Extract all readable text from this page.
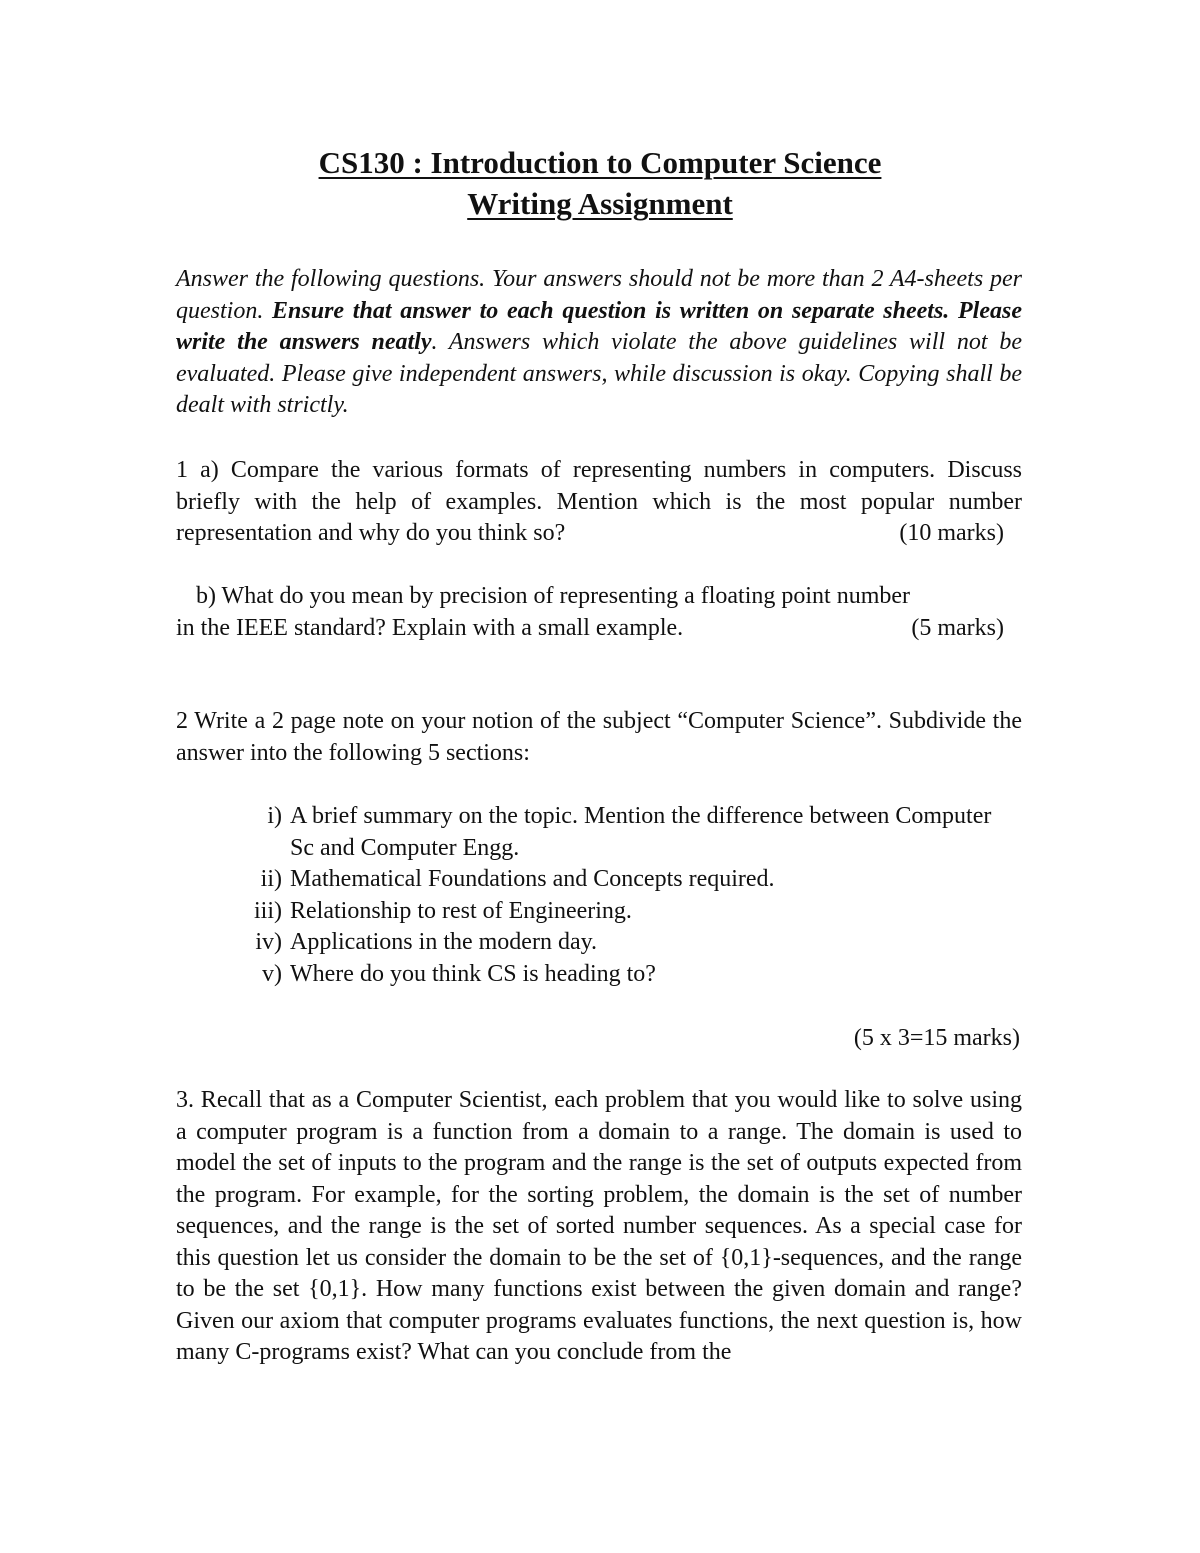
CS130 : Introduction to Computer Science
Writing Assignment

Answer the following questions. Your answers should not be more than 2 A4-sheets per question. Ensure that answer to each question is written on separate sheets. Please write the answers neatly. Answers which violate the above guidelines will not be evaluated. Please give independent answers, while discussion is okay. Copying shall be dealt with strictly.

1 a) Compare the various formats of representing numbers in computers. Discuss briefly with the help of examples. Mention which is the most popular number representation and why do you think so?	(10 marks)

b) What do you mean by precision of representing a floating point number
in the IEEE standard? Explain with a small example.	(5 marks)

2 Write a 2 page note on your notion of the subject “Computer Science”. Subdivide the answer into the following 5 sections:

i) A brief summary on the topic. Mention the difference between Computer Sc and Computer Engg.
ii) Mathematical Foundations and Concepts required.
iii) Relationship to rest of Engineering.
iv) Applications in the modern day.
v) Where do you think CS is heading to?
(5 x 3=15 marks)

3. Recall that as a Computer Scientist, each problem that you would like to solve using a computer program is a function from a domain to a range. The domain is used to model the set of inputs to the program and the range is the set of outputs expected from the program. For example, for the sorting problem, the domain is the set of number sequences, and the range is the set of sorted number sequences. As a special case for this question let us consider the domain to be the set of {0,1}-sequences, and the range to be the set {0,1}. How many functions exist between the given domain and range? Given our axiom that computer programs evaluates functions, the next question is, how many C-programs exist? What can you conclude from the
